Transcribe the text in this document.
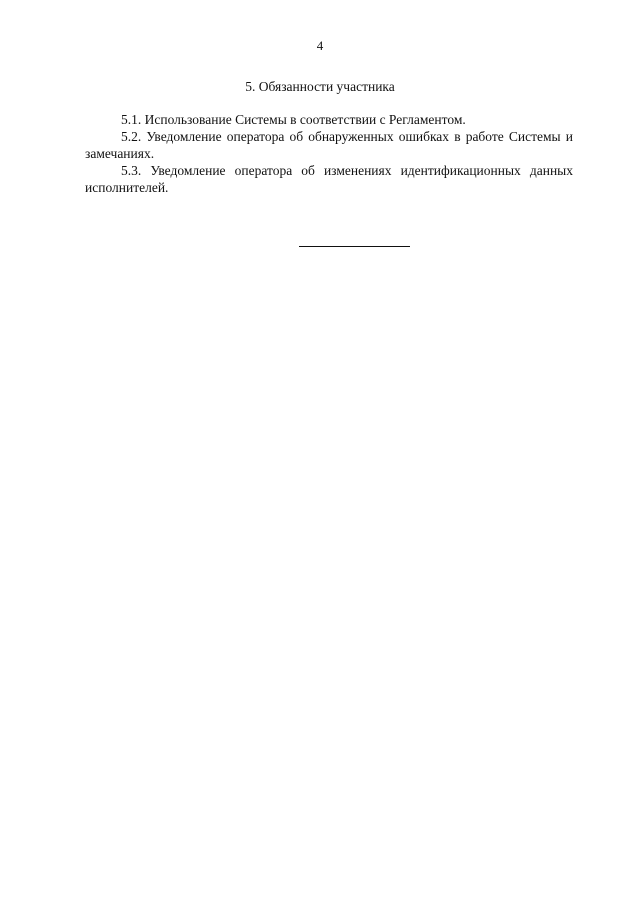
4
5. Обязанности участника

5.1. Использование Системы в соответствии с Регламентом.

5.2. Уведомление оператора об обнаруженных ошибках в работе Системы и замечаниях.

5.3. Уведомление оператора об изменениях идентификационных данных исполнителей.
